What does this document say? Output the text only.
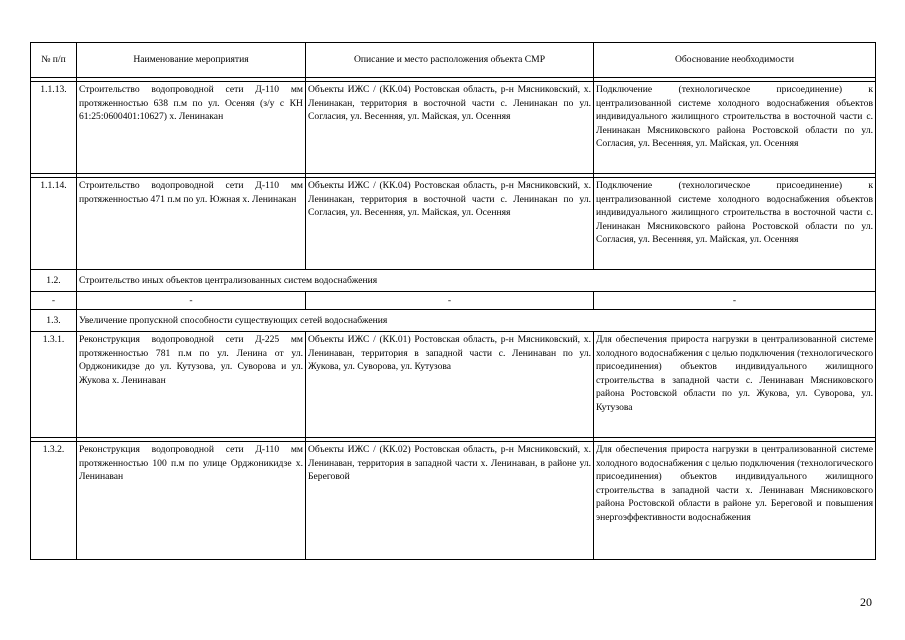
№ п/п	Наименование мероприятия	Описание и место расположения объекта СМР	Обоснование необходимости

1.1.13.	Строительство водопроводной сети Д-110 мм протяженностью 638 п.м по ул. Осеняя (з/у с КН 61:25:0600401:10627) х. Ленинакан	Объекты ИЖС / (КК.04) Ростовская область, р-н Мясниковский, х. Ленинакан, территория в восточной части с. Ленинакан по ул. Согласия, ул. Весенняя, ул. Майская, ул. Осенняя	Подключение (технологическое присоединение) к централизованной системе холодного водоснабжения объектов индивидуального жилищного строительства в восточной части с. Ленинакан Мясниковского района Ростовской области по ул. Согласия, ул. Весенняя, ул. Майская, ул. Осенняя

1.1.14.	Строительство водопроводной сети Д-110 мм протяженностью 471 п.м по ул. Южная х. Ленинакан	Объекты ИЖС / (КК.04) Ростовская область, р-н Мясниковский, х. Ленинакан, территория в восточной части с. Ленинакан по ул. Согласия, ул. Весенняя, ул. Майская, ул. Осенняя	Подключение (технологическое присоединение) к централизованной системе холодного водоснабжения объектов индивидуального жилищного строительства в восточной части с. Ленинакан Мясниковского района Ростовской области по ул. Согласия, ул. Весенняя, ул. Майская, ул. Осенняя
1.2.	Строительство иных объектов централизованных систем водоснабжения		
-	-	-	-
1.3.	Увеличение пропускной способности существующих сетей водоснабжения		
1.3.1.	Реконструкция водопроводной сети Д-225 мм протяженностью 781 п.м по ул. Ленина от ул. Орджоникидзе до ул. Кутузова, ул. Суворова и ул. Жукова х. Ленинаван	Объекты ИЖС / (КК.01) Ростовская область, р-н Мясниковский, х. Ленинаван, территория в западной части с. Ленинаван по ул. Жукова, ул. Суворова, ул. Кутузова	Для обеспечения прироста нагрузки в централизованной системе холодного водоснабжения с целью подключения (технологического присоединения) объектов индивидуального жилищного строительства в западной части с. Ленинаван Мясниковского района Ростовской области по ул. Жукова, ул. Суворова, ул. Кутузова

1.3.2.	Реконструкция водопроводной сети Д-110 мм протяженностью 100 п.м по улице Орджоникидзе х. Ленинаван	Объекты ИЖС / (КК.02) Ростовская область, р-н Мясниковский, х. Ленинаван, территория в западной части х. Ленинаван, в районе ул. Береговой	Для обеспечения прироста нагрузки в централизованной системе холодного водоснабжения с целью подключения (технологического присоединения) объектов индивидуального жилищного строительства в западной части х. Ленинаван Мясниковского района Ростовской области в районе ул. Береговой и повышения энергоэффективности водоснабжения
20
